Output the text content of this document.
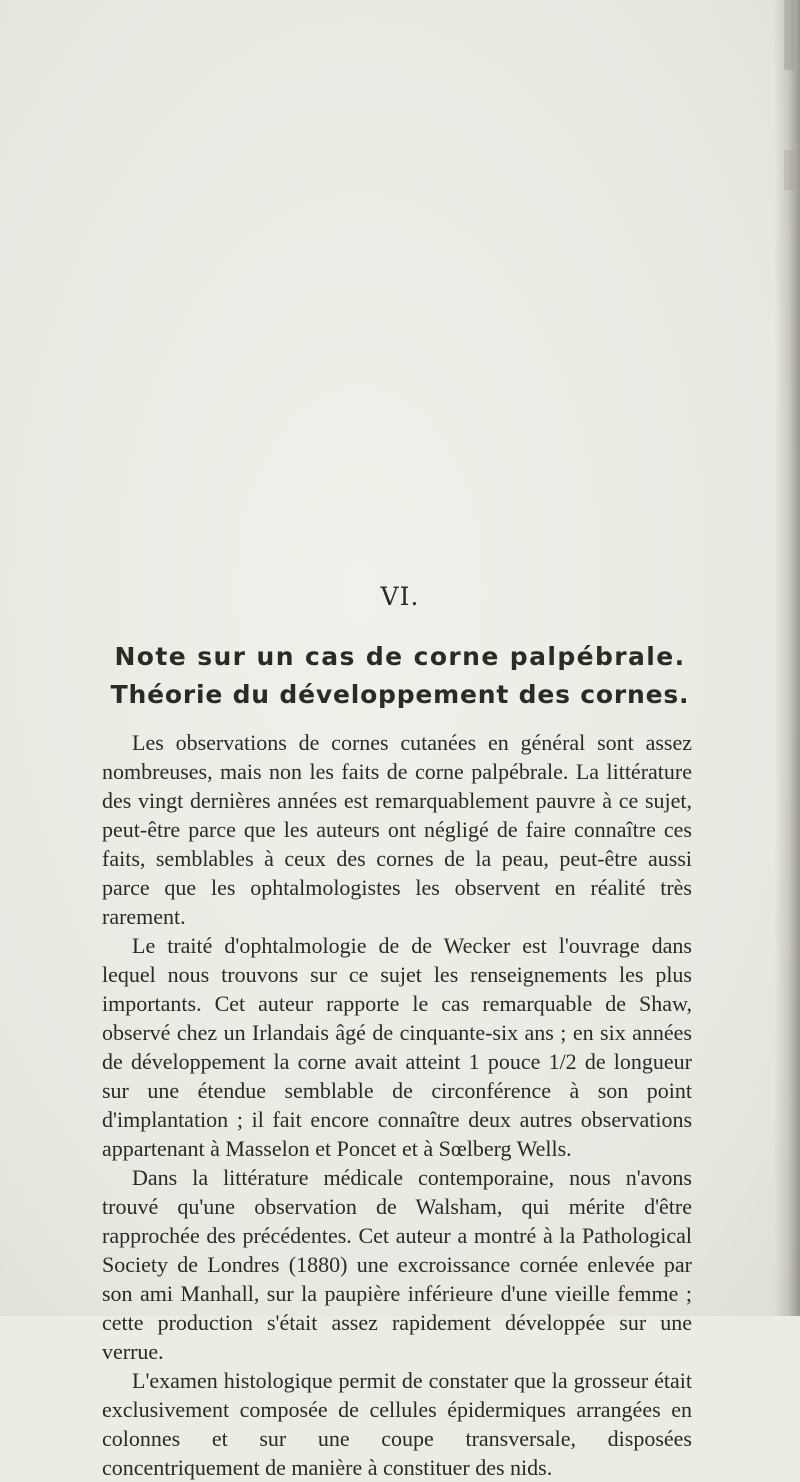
VI.
Note sur un cas de corne palpébrale.
Théorie du développement des cornes.

Les observations de cornes cutanées en général sont assez nombreuses, mais non les faits de corne palpébrale. La littérature des vingt dernières années est remarquablement pauvre à ce sujet, peut-être parce que les auteurs ont négligé de faire connaître ces faits, semblables à ceux des cornes de la peau, peut-être aussi parce que les ophtalmologistes les observent en réalité très rarement.

Le traité d'ophtalmologie de de Wecker est l'ouvrage dans lequel nous trouvons sur ce sujet les renseignements les plus importants. Cet auteur rapporte le cas remarquable de Shaw, observé chez un Irlandais âgé de cinquante-six ans ; en six années de développement la corne avait atteint 1 pouce 1/2 de longueur sur une étendue semblable de circonférence à son point d'implantation ; il fait encore connaître deux autres observations appartenant à Masselon et Poncet et à Sœlberg Wells.

Dans la littérature médicale contemporaine, nous n'avons trouvé qu'une observation de Walsham, qui mérite d'être rapprochée des précédentes. Cet auteur a montré à la Pathological Society de Londres (1880) une excroissance cornée enlevée par son ami Manhall, sur la paupière inférieure d'une vieille femme ; cette production s'était assez rapidement développée sur une verrue.

L'examen histologique permit de constater que la grosseur était exclusivement composée de cellules épidermiques arrangées en colonnes et sur une coupe transversale, disposées concentriquement de manière à constituer des nids.
